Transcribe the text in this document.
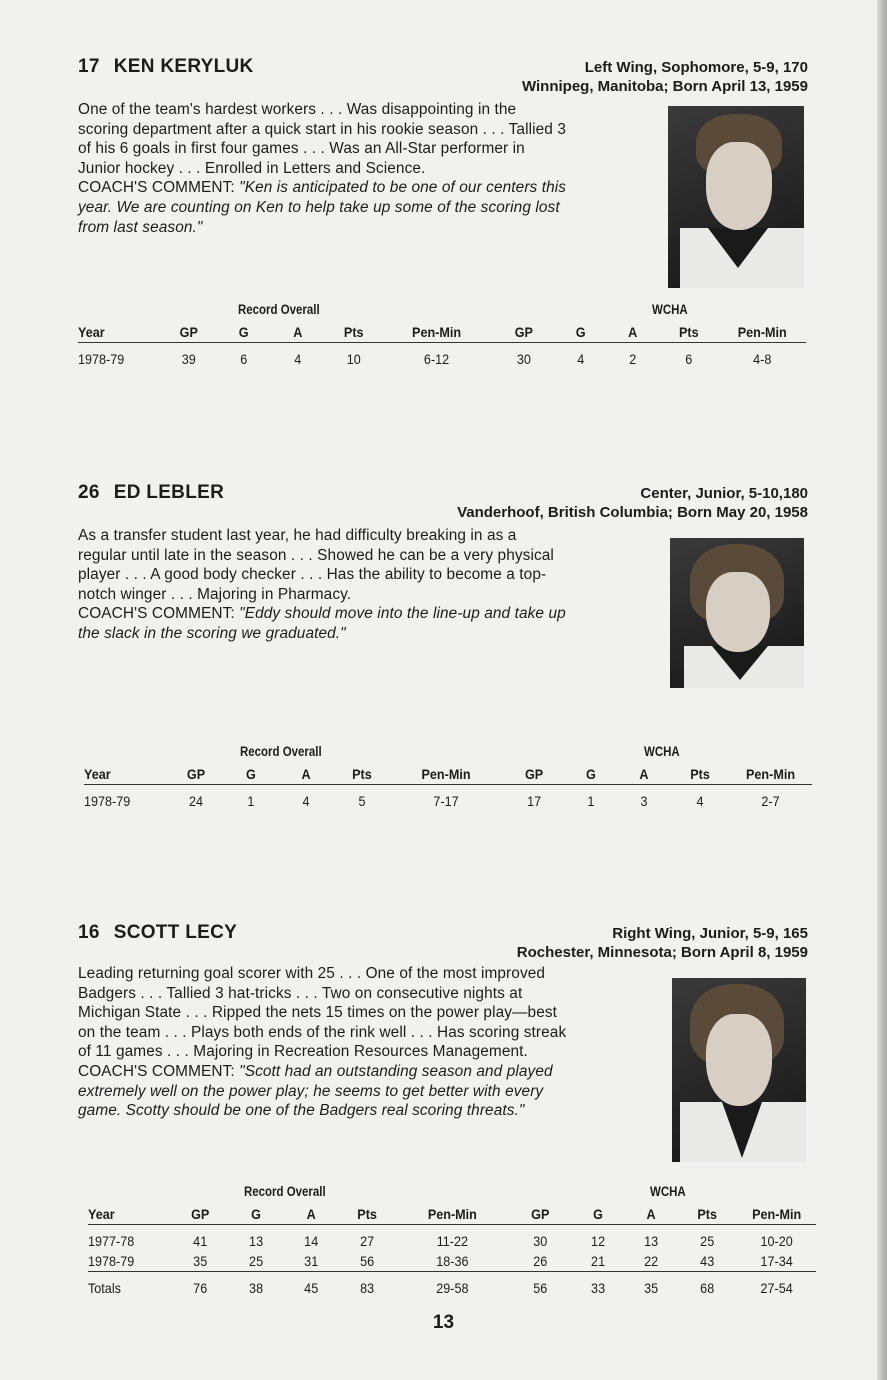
17 KEN KERYLUK	Left Wing, Sophomore, 5-9, 170
Winnipeg, Manitoba; Born April 13, 1959

One of the team's hardest workers . . . Was disappointing in the scoring department after a quick start in his rookie season . . . Tallied 3 of his 6 goals in first four games . . . Was an All-Star performer in Junior hockey . . . Enrolled in Letters and Science.

COACH'S COMMENT: "Ken is anticipated to be one of our centers this year. We are counting on Ken to help take up some of the scoring lost from last season."

Record Overall	WCHA
Year	GP	G	A	Pts	Pen-Min	GP	G	A	Pts	Pen-Min
1978-79	39	6	4	10	6-12	30	4	2	6	4-8
26 ED LEBLER	Center, Junior, 5-10,180
Vanderhoof, British Columbia; Born May 20, 1958

As a transfer student last year, he had difficulty breaking in as a regular until late in the season . . . Showed he can be a very physical player . . . A good body checker . . . Has the ability to become a top-notch winger . . . Majoring in Pharmacy.

COACH'S COMMENT: "Eddy should move into the line-up and take up the slack in the scoring we graduated."

Record Overall	WCHA
Year	GP	G	A	Pts	Pen-Min	GP	G	A	Pts	Pen-Min
1978-79	24	1	4	5	7-17	17	1	3	4	2-7
16 SCOTT LECY	Right Wing, Junior, 5-9, 165
Rochester, Minnesota; Born April 8, 1959

Leading returning goal scorer with 25 . . . One of the most improved Badgers . . . Tallied 3 hat-tricks . . . Two on consecutive nights at Michigan State . . . Ripped the nets 15 times on the power play—best on the team . . . Plays both ends of the rink well . . . Has scoring streak of 11 games . . . Majoring in Recreation Resources Management.

COACH'S COMMENT: "Scott had an outstanding season and played extremely well on the power play; he seems to get better with every game. Scotty should be one of the Badgers real scoring threats."

Record Overall	WCHA
Year	GP	G	A	Pts	Pen-Min	GP	G	A	Pts	Pen-Min
1977-78	41	13	14	27	11-22	30	12	13	25	10-20
1978-79	35	25	31	56	18-36	26	21	22	43	17-34
Totals	76	38	45	83	29-58	56	33	35	68	27-54
13
